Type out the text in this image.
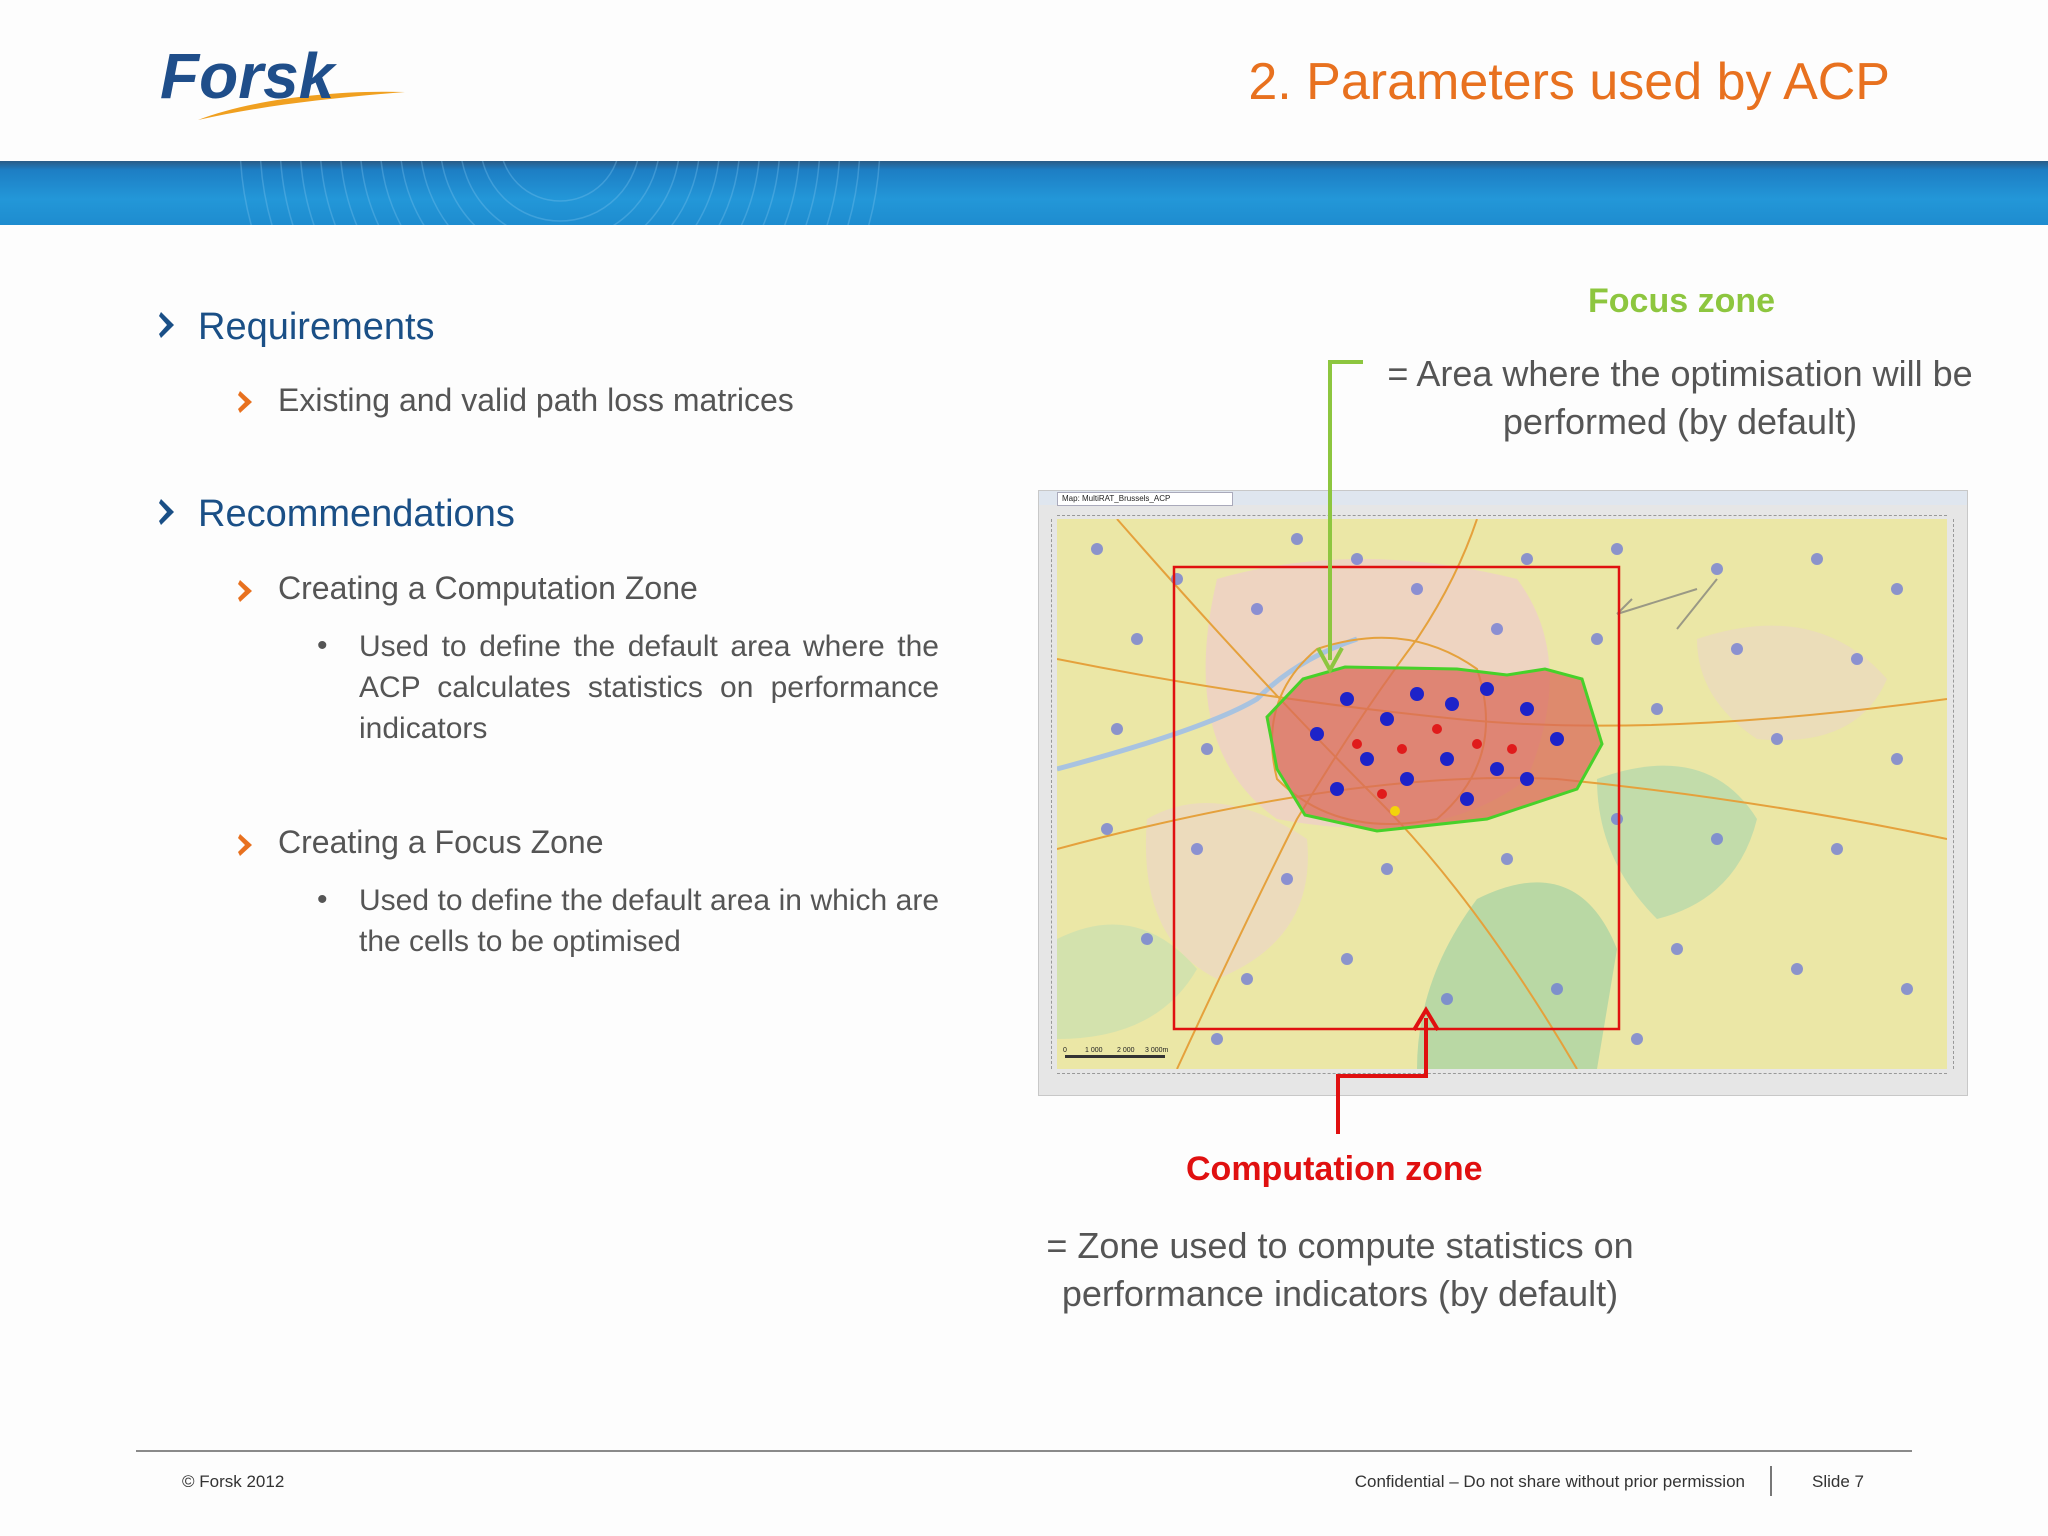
Forsk	2. Parameters used by ACP
Requirements
Existing and valid path loss matrices
Recommendations
Creating a Computation Zone
• Used to define the default area where the ACP calculates statistics on performance indicators
Creating a Focus Zone
• Used to define the default area in which are the cells to be optimised
Focus zone
= Area where the optimisation will be performed (by default)
Map: MultiRAT_Brussels_ACP
0	1 000 2 000 3 000m
Computation zone
= Zone used to compute statistics on performance indicators (by default)
© Forsk 2012	Confidential – Do not share without prior permission	Slide 7
